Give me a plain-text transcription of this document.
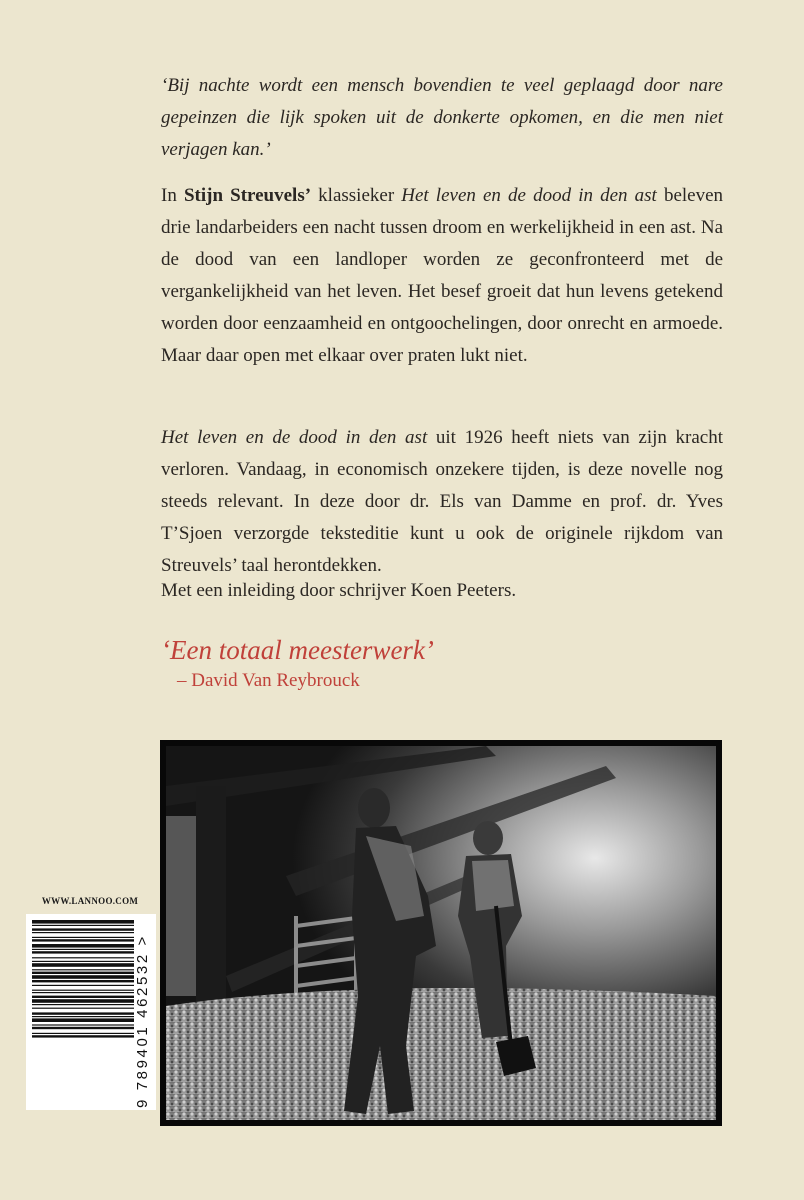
‘Bij nachte wordt een mensch bovendien te veel geplaagd door nare gepeinzen die lijk spoken uit de donkerte opkomen, en die men niet verjagen kan.’
In Stijn Streuvels’ klassieker Het leven en de dood in den ast beleven drie landarbeiders een nacht tussen droom en werkelijkheid in een ast. Na de dood van een landloper worden ze geconfronteerd met de vergankelijkheid van het leven. Het besef groeit dat hun levens getekend worden door eenzaamheid en ontgoochelingen, door onrecht en armoede. Maar daar open met elkaar over praten lukt niet.
Het leven en de dood in den ast uit 1926 heeft niets van zijn kracht verloren. Vandaag, in economisch onzekere tijden, is deze novelle nog steeds relevant. In deze door dr. Els van Damme en prof. dr. Yves T’Sjoen verzorgde teksteditie kunt u ook de originele rijkdom van Streuvels’ taal herontdekken.
Met een inleiding door schrijver Koen Peeters.
‘Een totaal meesterwerk’
– David Van Reybrouck
WWW.LANNOO.COM
9 789401 462532 >
